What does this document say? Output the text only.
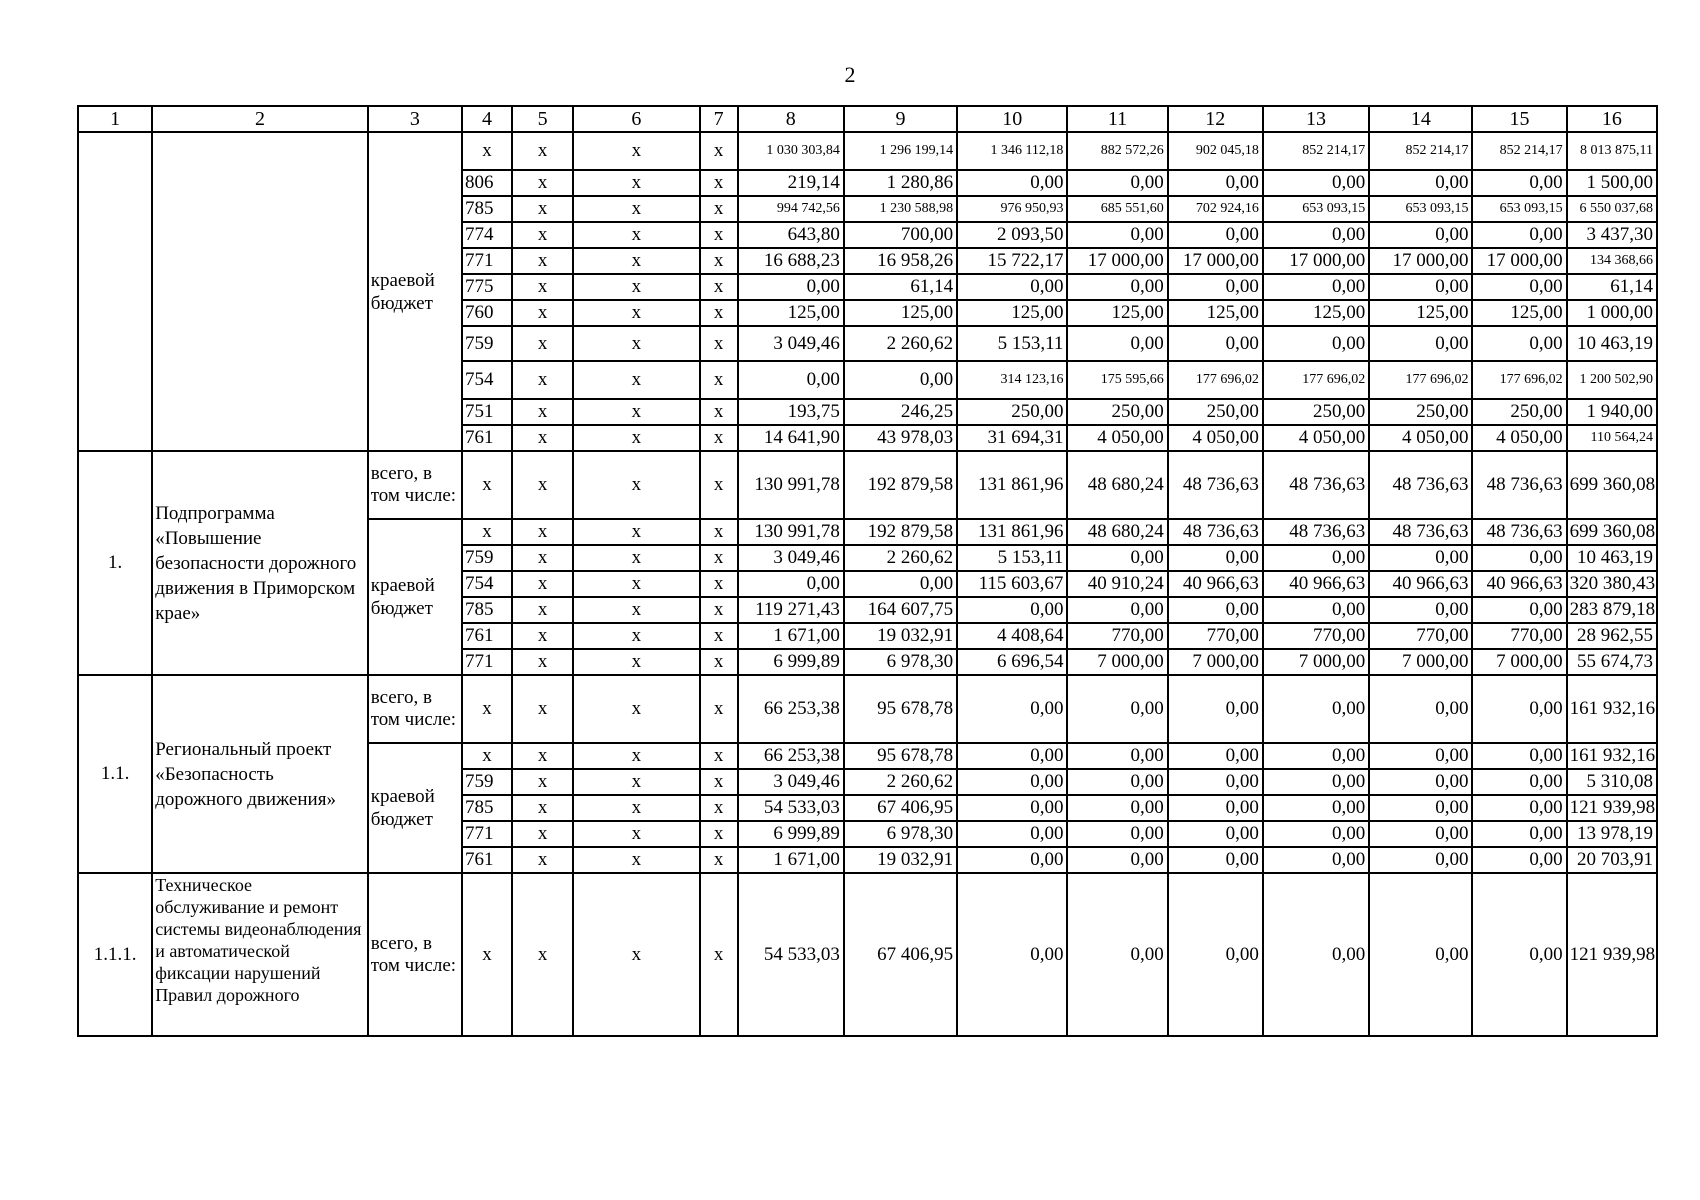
2
1	2	3	4	5	6	7	8	9	10	11	12	13	14	15	16
		краевой бюджет	x	x	x	x	1 030 303,84	1 296 199,14	1 346 112,18	882 572,26	902 045,18	852 214,17	852 214,17	852 214,17	8 013 875,11
			806	x	x	x	219,14	1 280,86	0,00	0,00	0,00	0,00	0,00	0,00	1 500,00
			785	x	x	x	994 742,56	1 230 588,98	976 950,93	685 551,60	702 924,16	653 093,15	653 093,15	653 093,15	6 550 037,68
			774	x	x	x	643,80	700,00	2 093,50	0,00	0,00	0,00	0,00	0,00	3 437,30
			771	x	x	x	16 688,23	16 958,26	15 722,17	17 000,00	17 000,00	17 000,00	17 000,00	17 000,00	134 368,66
			775	x	x	x	0,00	61,14	0,00	0,00	0,00	0,00	0,00	0,00	61,14
			760	x	x	x	125,00	125,00	125,00	125,00	125,00	125,00	125,00	125,00	1 000,00
			759	x	x	x	3 049,46	2 260,62	5 153,11	0,00	0,00	0,00	0,00	0,00	10 463,19
			754	x	x	x	0,00	0,00	314 123,16	175 595,66	177 696,02	177 696,02	177 696,02	177 696,02	1 200 502,90
			751	x	x	x	193,75	246,25	250,00	250,00	250,00	250,00	250,00	250,00	1 940,00
			761	x	x	x	14 641,90	43 978,03	31 694,31	4 050,00	4 050,00	4 050,00	4 050,00	4 050,00	110 564,24
1.	Подпрограмма «Повышение безопасности дорожного движения в Приморском крае»	всего, в том числе:	x	x	x	x	130 991,78	192 879,58	131 861,96	48 680,24	48 736,63	48 736,63	48 736,63	48 736,63	699 360,08
		краевой бюджет	x	x	x	x	130 991,78	192 879,58	131 861,96	48 680,24	48 736,63	48 736,63	48 736,63	48 736,63	699 360,08
			759	x	x	x	3 049,46	2 260,62	5 153,11	0,00	0,00	0,00	0,00	0,00	10 463,19
			754	x	x	x	0,00	0,00	115 603,67	40 910,24	40 966,63	40 966,63	40 966,63	40 966,63	320 380,43
			785	x	x	x	119 271,43	164 607,75	0,00	0,00	0,00	0,00	0,00	0,00	283 879,18
			761	x	x	x	1 671,00	19 032,91	4 408,64	770,00	770,00	770,00	770,00	770,00	28 962,55
			771	x	x	x	6 999,89	6 978,30	6 696,54	7 000,00	7 000,00	7 000,00	7 000,00	7 000,00	55 674,73
1.1.	Региональный проект «Безопасность дорожного движения»	всего, в том числе:	x	x	x	x	66 253,38	95 678,78	0,00	0,00	0,00	0,00	0,00	0,00	161 932,16
		краевой бюджет	x	x	x	x	66 253,38	95 678,78	0,00	0,00	0,00	0,00	0,00	0,00	161 932,16
			759	x	x	x	3 049,46	2 260,62	0,00	0,00	0,00	0,00	0,00	0,00	5 310,08
			785	x	x	x	54 533,03	67 406,95	0,00	0,00	0,00	0,00	0,00	0,00	121 939,98
			771	x	x	x	6 999,89	6 978,30	0,00	0,00	0,00	0,00	0,00	0,00	13 978,19
			761	x	x	x	1 671,00	19 032,91	0,00	0,00	0,00	0,00	0,00	0,00	20 703,91
1.1.1.	Техническое обслуживание и ремонт системы видеонаблюдения и автоматической фиксации нарушений Правил дорожного	всего, в том числе:	x	x	x	x	54 533,03	67 406,95	0,00	0,00	0,00	0,00	0,00	0,00	121 939,98
